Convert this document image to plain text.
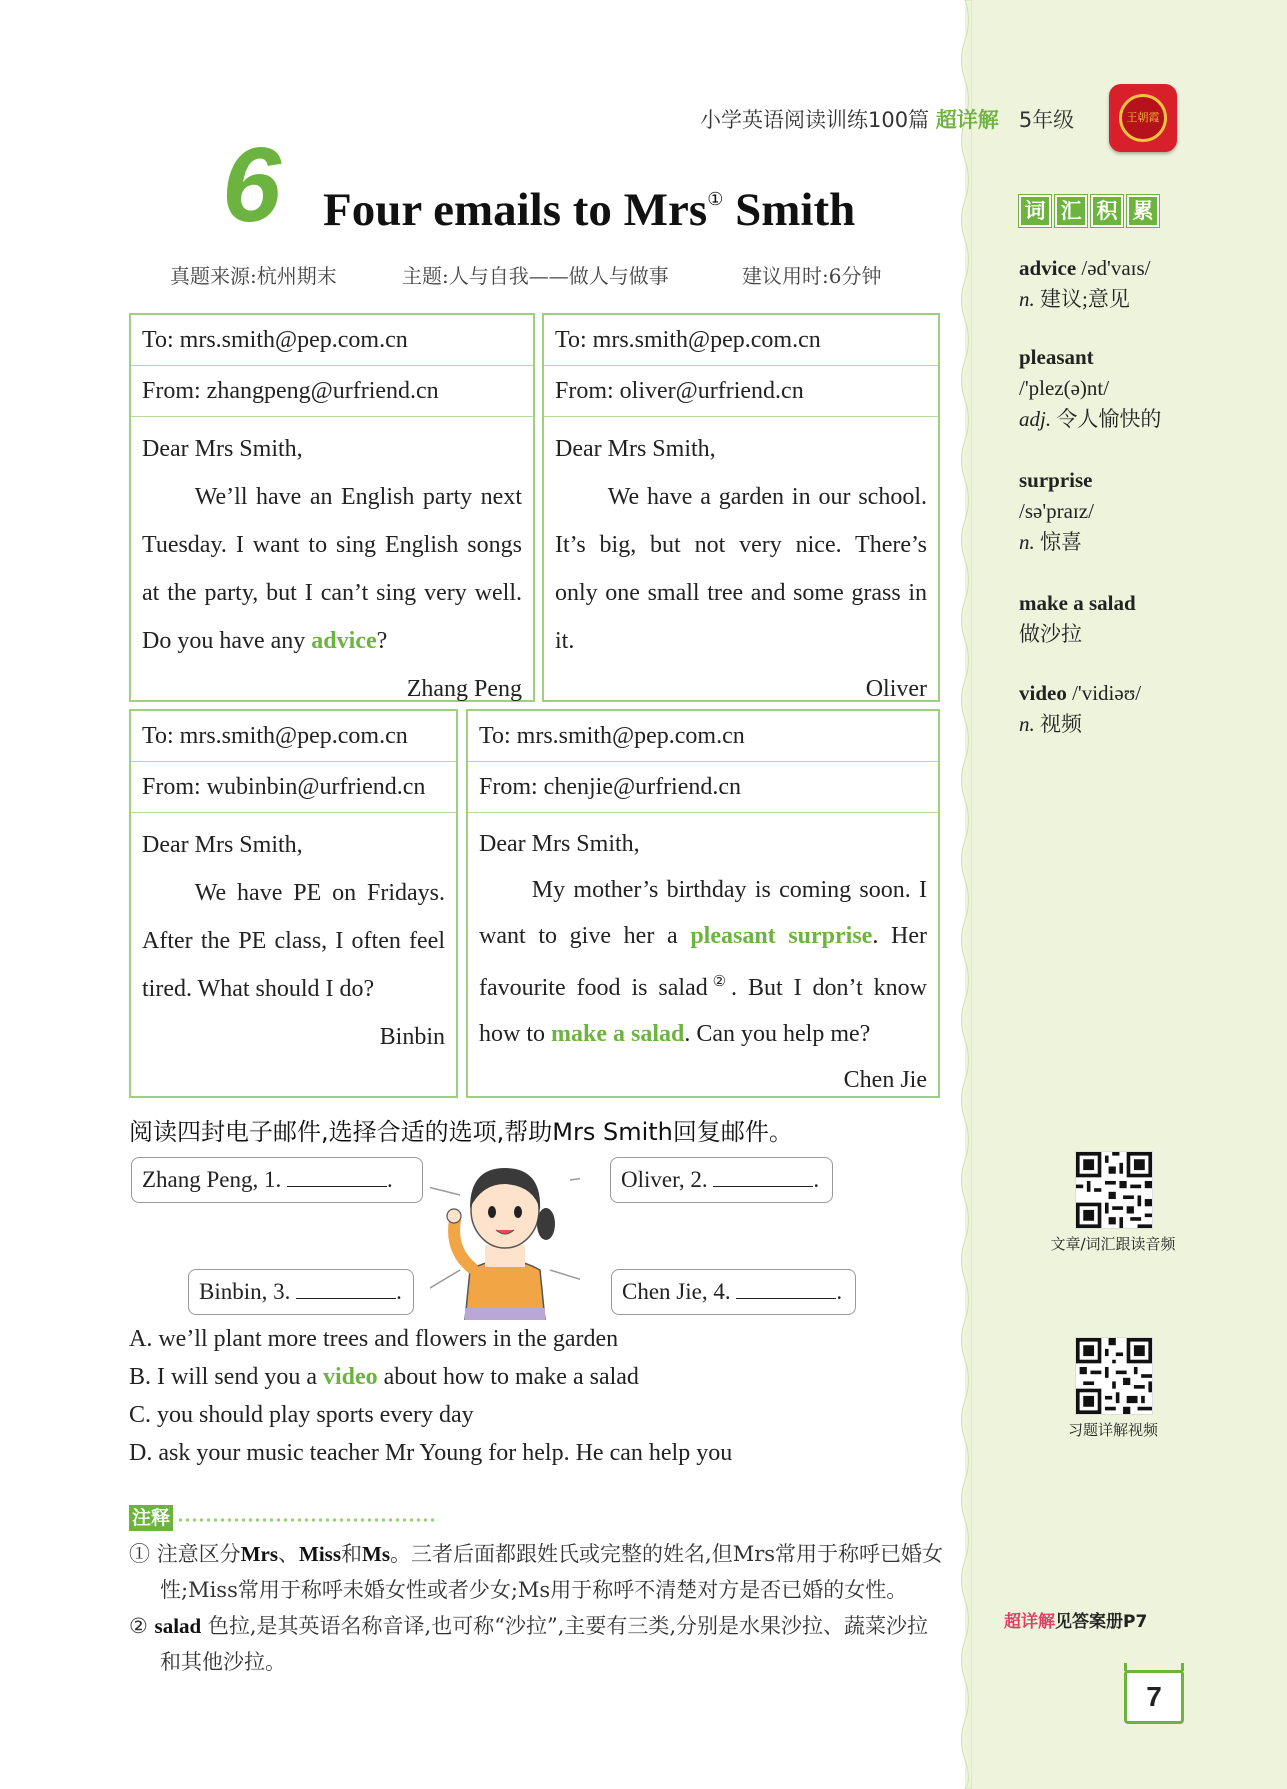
小学英语阅读训练100篇 超详解 5年级	王朝霞
6 Four emails to Mrs① Smith
真题来源:杭州期末	主题:人与自我——做人与做事	建议用时:6分钟
To: mrs.smith@pep.com.cn
From: zhangpeng@urfriend.cn

Dear Mrs Smith,

We’ll have an English party next Tuesday. I want to sing English songs at the party, but I can’t sing very well. Do you have any advice?

Zhang Peng

To: mrs.smith@pep.com.cn
From: oliver@urfriend.cn

Dear Mrs Smith,

We have a garden in our school. It’s big, but not very nice. There’s only one small tree and some grass in it.

Oliver

To: mrs.smith@pep.com.cn
From: wubinbin@urfriend.cn

Dear Mrs Smith,

We have PE on Fridays. After the PE class, I often feel tired. What should I do?

Binbin

To: mrs.smith@pep.com.cn
From: chenjie@urfriend.cn

Dear Mrs Smith,

My mother’s birthday is coming soon. I want to give her a pleasant surprise. Her favourite food is salad②. But I don’t know how to make a salad. Can you help me?

Chen Jie

阅读四封电子邮件,选择合适的选项,帮助Mrs Smith回复邮件。
Zhang Peng, 1.	.	Oliver, 2.	.
Binbin, 3.	.	Chen Jie, 4.	.
A. we’ll plant more trees and flowers in the garden
B. I will send you a video about how to make a salad
C. you should play sports every day
D. ask your music teacher Mr Young for help. He can help you
注释
① 注意区分Mrs、Miss和Ms。三者后面都跟姓氏或完整的姓名,但Mrs常用于称呼已婚女性;Miss常用于称呼未婚女性或者少女;Ms用于称呼不清楚对方是否已婚的女性。
② salad 色拉,是其英语名称音译,也可称“沙拉”,主要有三类,分别是水果沙拉、蔬菜沙拉和其他沙拉。
词 汇 积 累
advice /əd'vaɪs/
n. 建议;意见
pleasant
/'plez(ə)nt/
adj. 令人愉快的
surprise
/sə'praɪz/
n. 惊喜
make a salad
做沙拉
video /'vidiəʊ/
n. 视频
文章/词汇跟读音频
习题详解视频
超详解见答案册P7
7
